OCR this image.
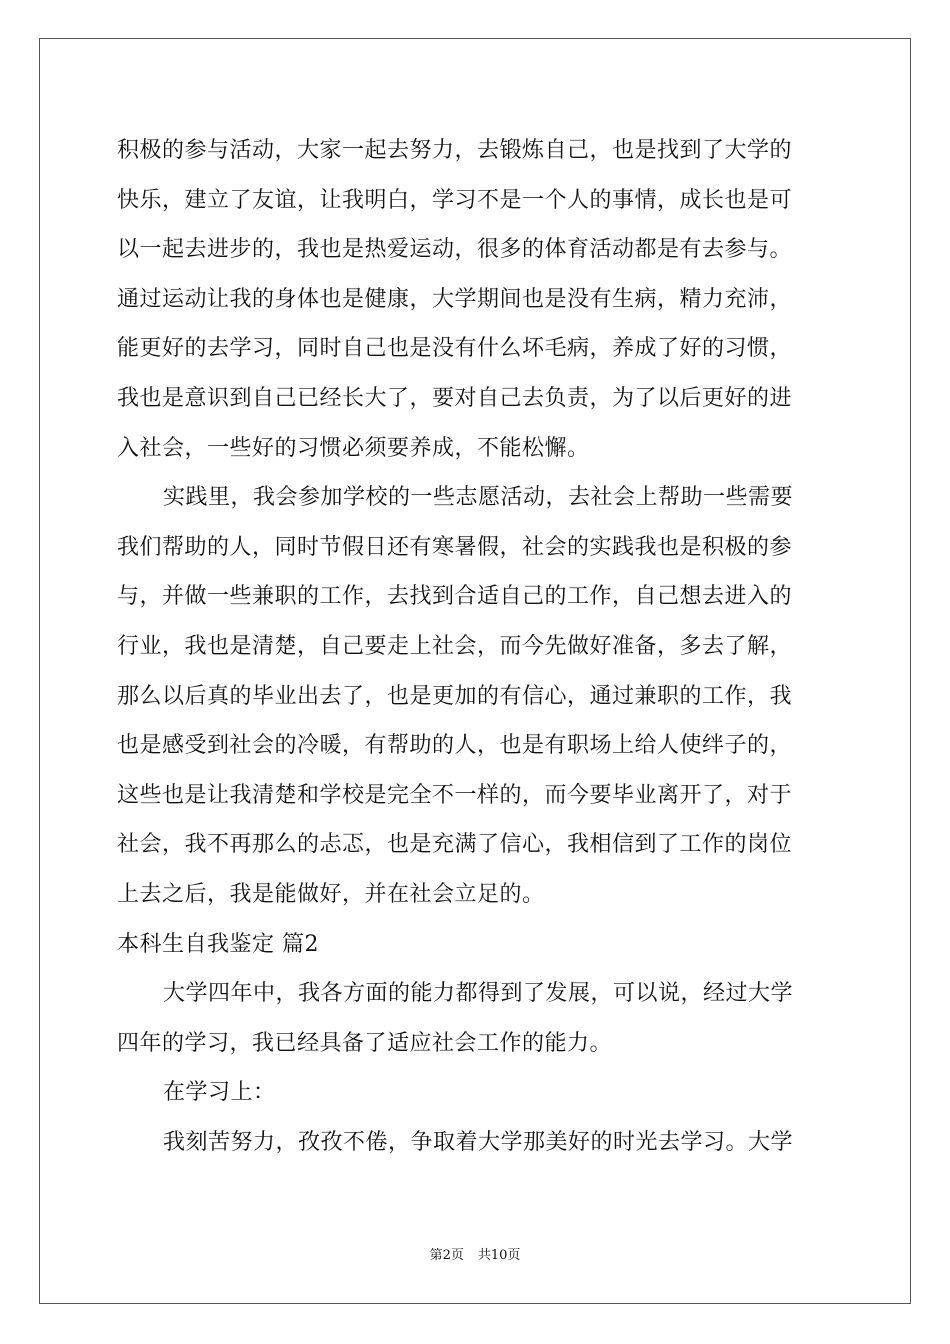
积极的参与活动，大家一起去努力，去锻炼自己，也是找到了大学的
快乐，建立了友谊，让我明白，学习不是一个人的事情，成长也是可
以一起去进步的，我也是热爱运动，很多的体育活动都是有去参与。
通过运动让我的身体也是健康，大学期间也是没有生病，精力充沛，
能更好的去学习，同时自己也是没有什么坏毛病，养成了好的习惯，
我也是意识到自己已经长大了，要对自己去负责，为了以后更好的进
入社会，一些好的习惯必须要养成，不能松懈。
实践里，我会参加学校的一些志愿活动，去社会上帮助一些需要
我们帮助的人，同时节假日还有寒暑假，社会的实践我也是积极的参
与，并做一些兼职的工作，去找到合适自己的工作，自己想去进入的
行业，我也是清楚，自己要走上社会，而今先做好准备，多去了解，
那么以后真的毕业出去了，也是更加的有信心，通过兼职的工作，我
也是感受到社会的冷暖，有帮助的人，也是有职场上给人使绊子的，
这些也是让我清楚和学校是完全不一样的，而今要毕业离开了，对于
社会，我不再那么的忐忑，也是充满了信心，我相信到了工作的岗位
上去之后，我是能做好，并在社会立足的。
本科生自我鉴定 篇2
大学四年中，我各方面的能力都得到了发展，可以说，经过大学
四年的学习，我已经具备了适应社会工作的能力。
在学习上：
我刻苦努力，孜孜不倦，争取着大学那美好的时光去学习。大学
第2页 共10页
